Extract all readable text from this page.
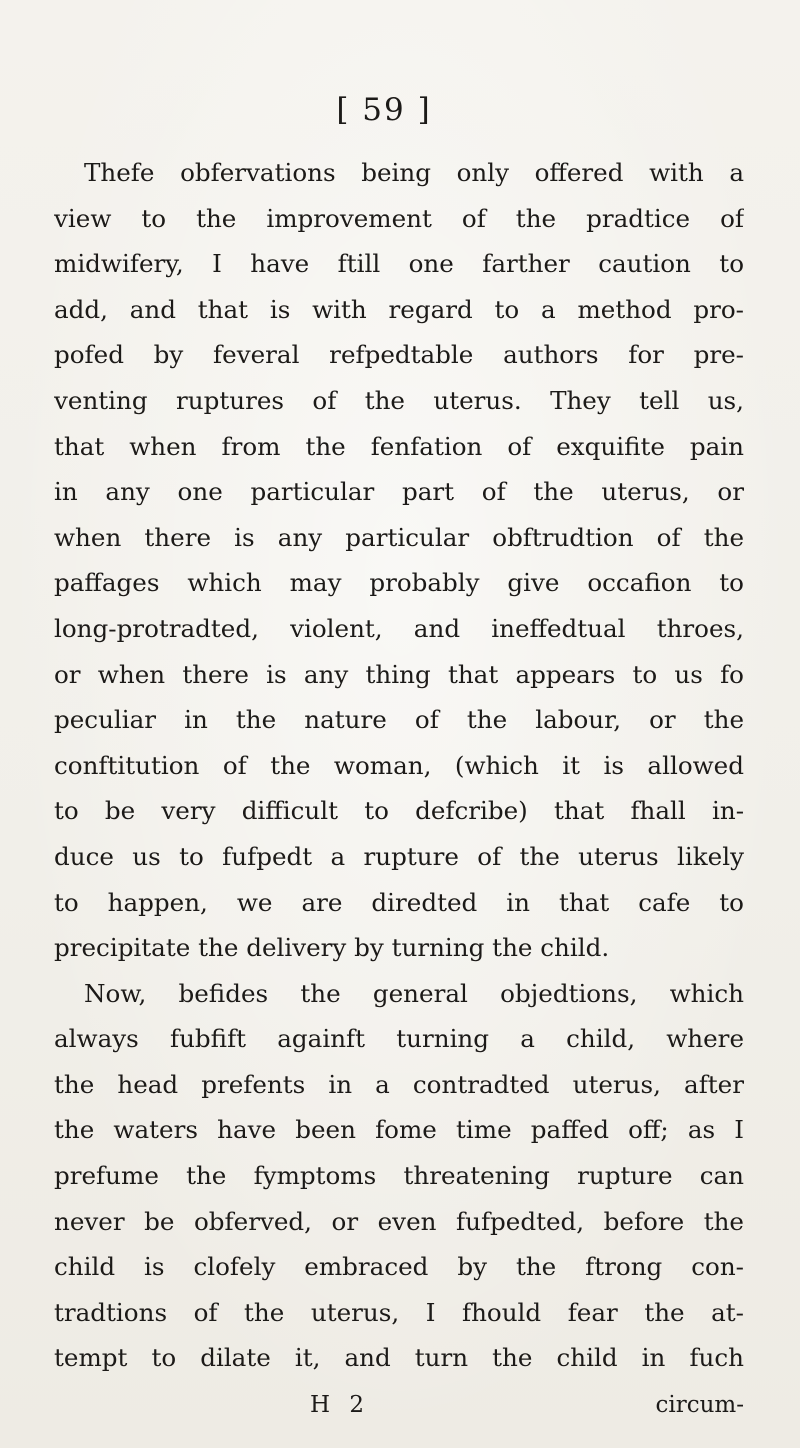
[ 59 ]
Thefe obfervations being only offered with a
view to the improvement of the pradtice of
midwifery, I have ftill one farther caution to
add, and that is with regard to a method pro-
pofed by feveral refpedtable authors for pre-
venting ruptures of the uterus. They tell us,
that when from the fenfation of exquifite pain
in any one particular part of the uterus, or
when there is any particular obftrudtion of the
paffages which may probably give occafion to
long-protradted, violent, and ineffedtual throes,
or when there is any thing that appears to us fo
peculiar in the nature of the labour, or the
conftitution of the woman, (which it is allowed
to be very difficult to defcribe) that fhall in-
duce us to fufpedt a rupture of the uterus likely
to happen, we are diredted in that cafe to
precipitate the delivery by turning the child.
Now, befides the general objedtions, which
always fubfift againft turning a child, where
the head prefents in a contradted uterus, after
the waters have been fome time paffed off; as I
prefume the fymptoms threatening rupture can
never be obferved, or even fufpedted, before the
child is clofely embraced by the ftrong con-
tradtions of the uterus, I fhould fear the at-
tempt to dilate it, and turn the child in fuch
H 2	circum-
